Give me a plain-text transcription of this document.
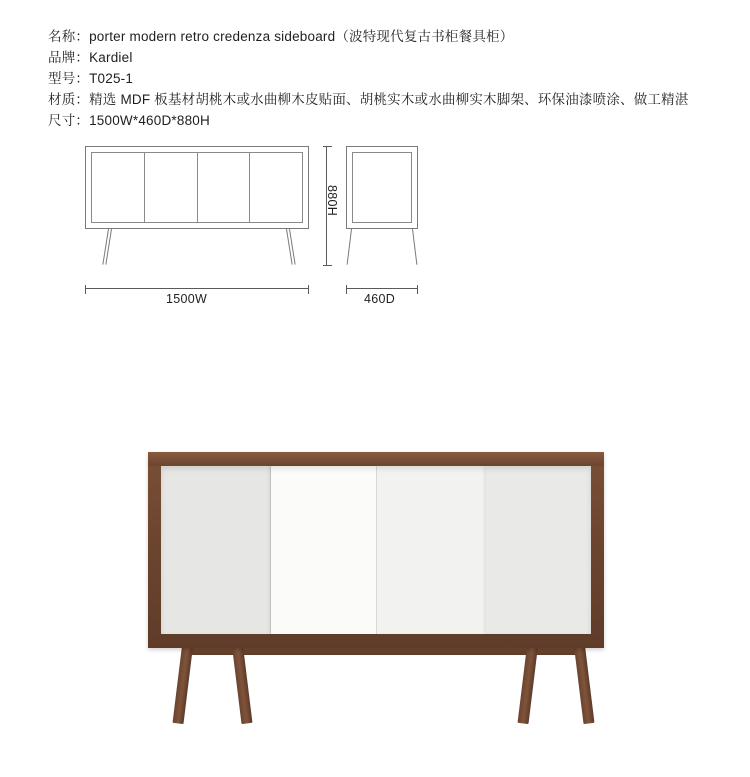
名称：porter modern retro credenza sideboard（波特现代复古书柜餐具柜）
品牌：Kardiel
型号：T025-1
材质：精选 MDF 板基材胡桃木或水曲柳木皮贴面、胡桃实木或水曲柳实木脚架、环保油漆喷涂、做工精湛
尺寸：1500W*460D*880H
1500W	460D
880H
